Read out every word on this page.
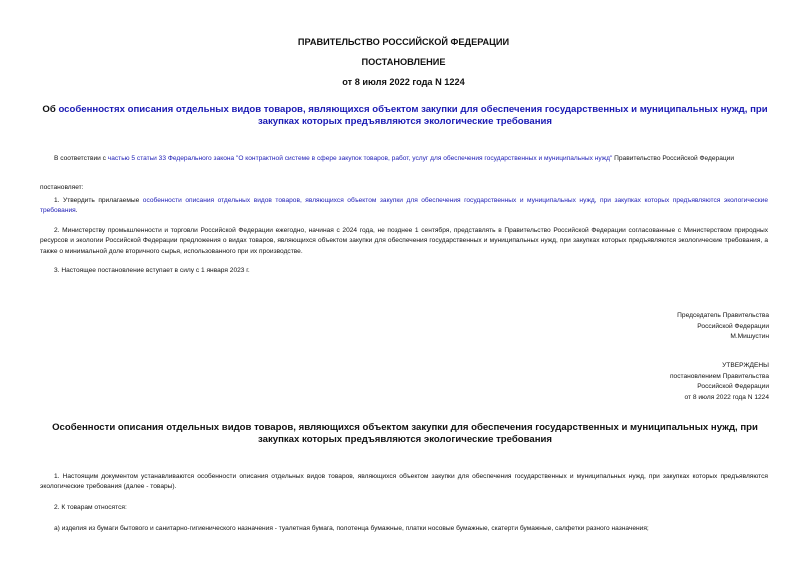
ПРАВИТЕЛЬСТВО РОССИЙСКОЙ ФЕДЕРАЦИИ
ПОСТАНОВЛЕНИЕ
от 8 июля 2022 года N 1224
Об особенностях описания отдельных видов товаров, являющихся объектом закупки для обеспечения государственных и муниципальных нужд, при закупках которых предъявляются экологические требования
В соответствии с частью 5 статьи 33 Федерального закона "О контрактной системе в сфере закупок товаров, работ, услуг для обеспечения государственных и муниципальных нужд" Правительство Российской Федерации
постановляет:
1. Утвердить прилагаемые особенности описания отдельных видов товаров, являющихся объектом закупки для обеспечения государственных и муниципальных нужд, при закупках которых предъявляются экологические требования.
2. Министерству промышленности и торговли Российской Федерации ежегодно, начиная с 2024 года, не позднее 1 сентября, представлять в Правительство Российской Федерации согласованные с Министерством природных ресурсов и экологии Российской Федерации предложения о видах товаров, являющихся объектом закупки для обеспечения государственных и муниципальных нужд, при закупках которых предъявляются экологические требования, а также о минимальной доле вторичного сырья, использованного при их производстве.
3. Настоящее постановление вступает в силу с 1 января 2023 г.
Председатель Правительства
Российской Федерации
М.Мишустин
УТВЕРЖДЕНЫ
постановлением Правительства
Российской Федерации
от 8 июля 2022 года N 1224
Особенности описания отдельных видов товаров, являющихся объектом закупки для обеспечения государственных и муниципальных нужд, при закупках которых предъявляются экологические требования
1. Настоящим документом устанавливаются особенности описания отдельных видов товаров, являющихся объектом закупки для обеспечения государственных и муниципальных нужд, при закупках которых предъявляются экологические требования (далее - товары).
2. К товарам относятся:
а) изделия из бумаги бытового и санитарно-гигиенического назначения - туалетная бумага, полотенца бумажные, платки носовые бумажные, скатерти бумажные, салфетки разного назначения;
